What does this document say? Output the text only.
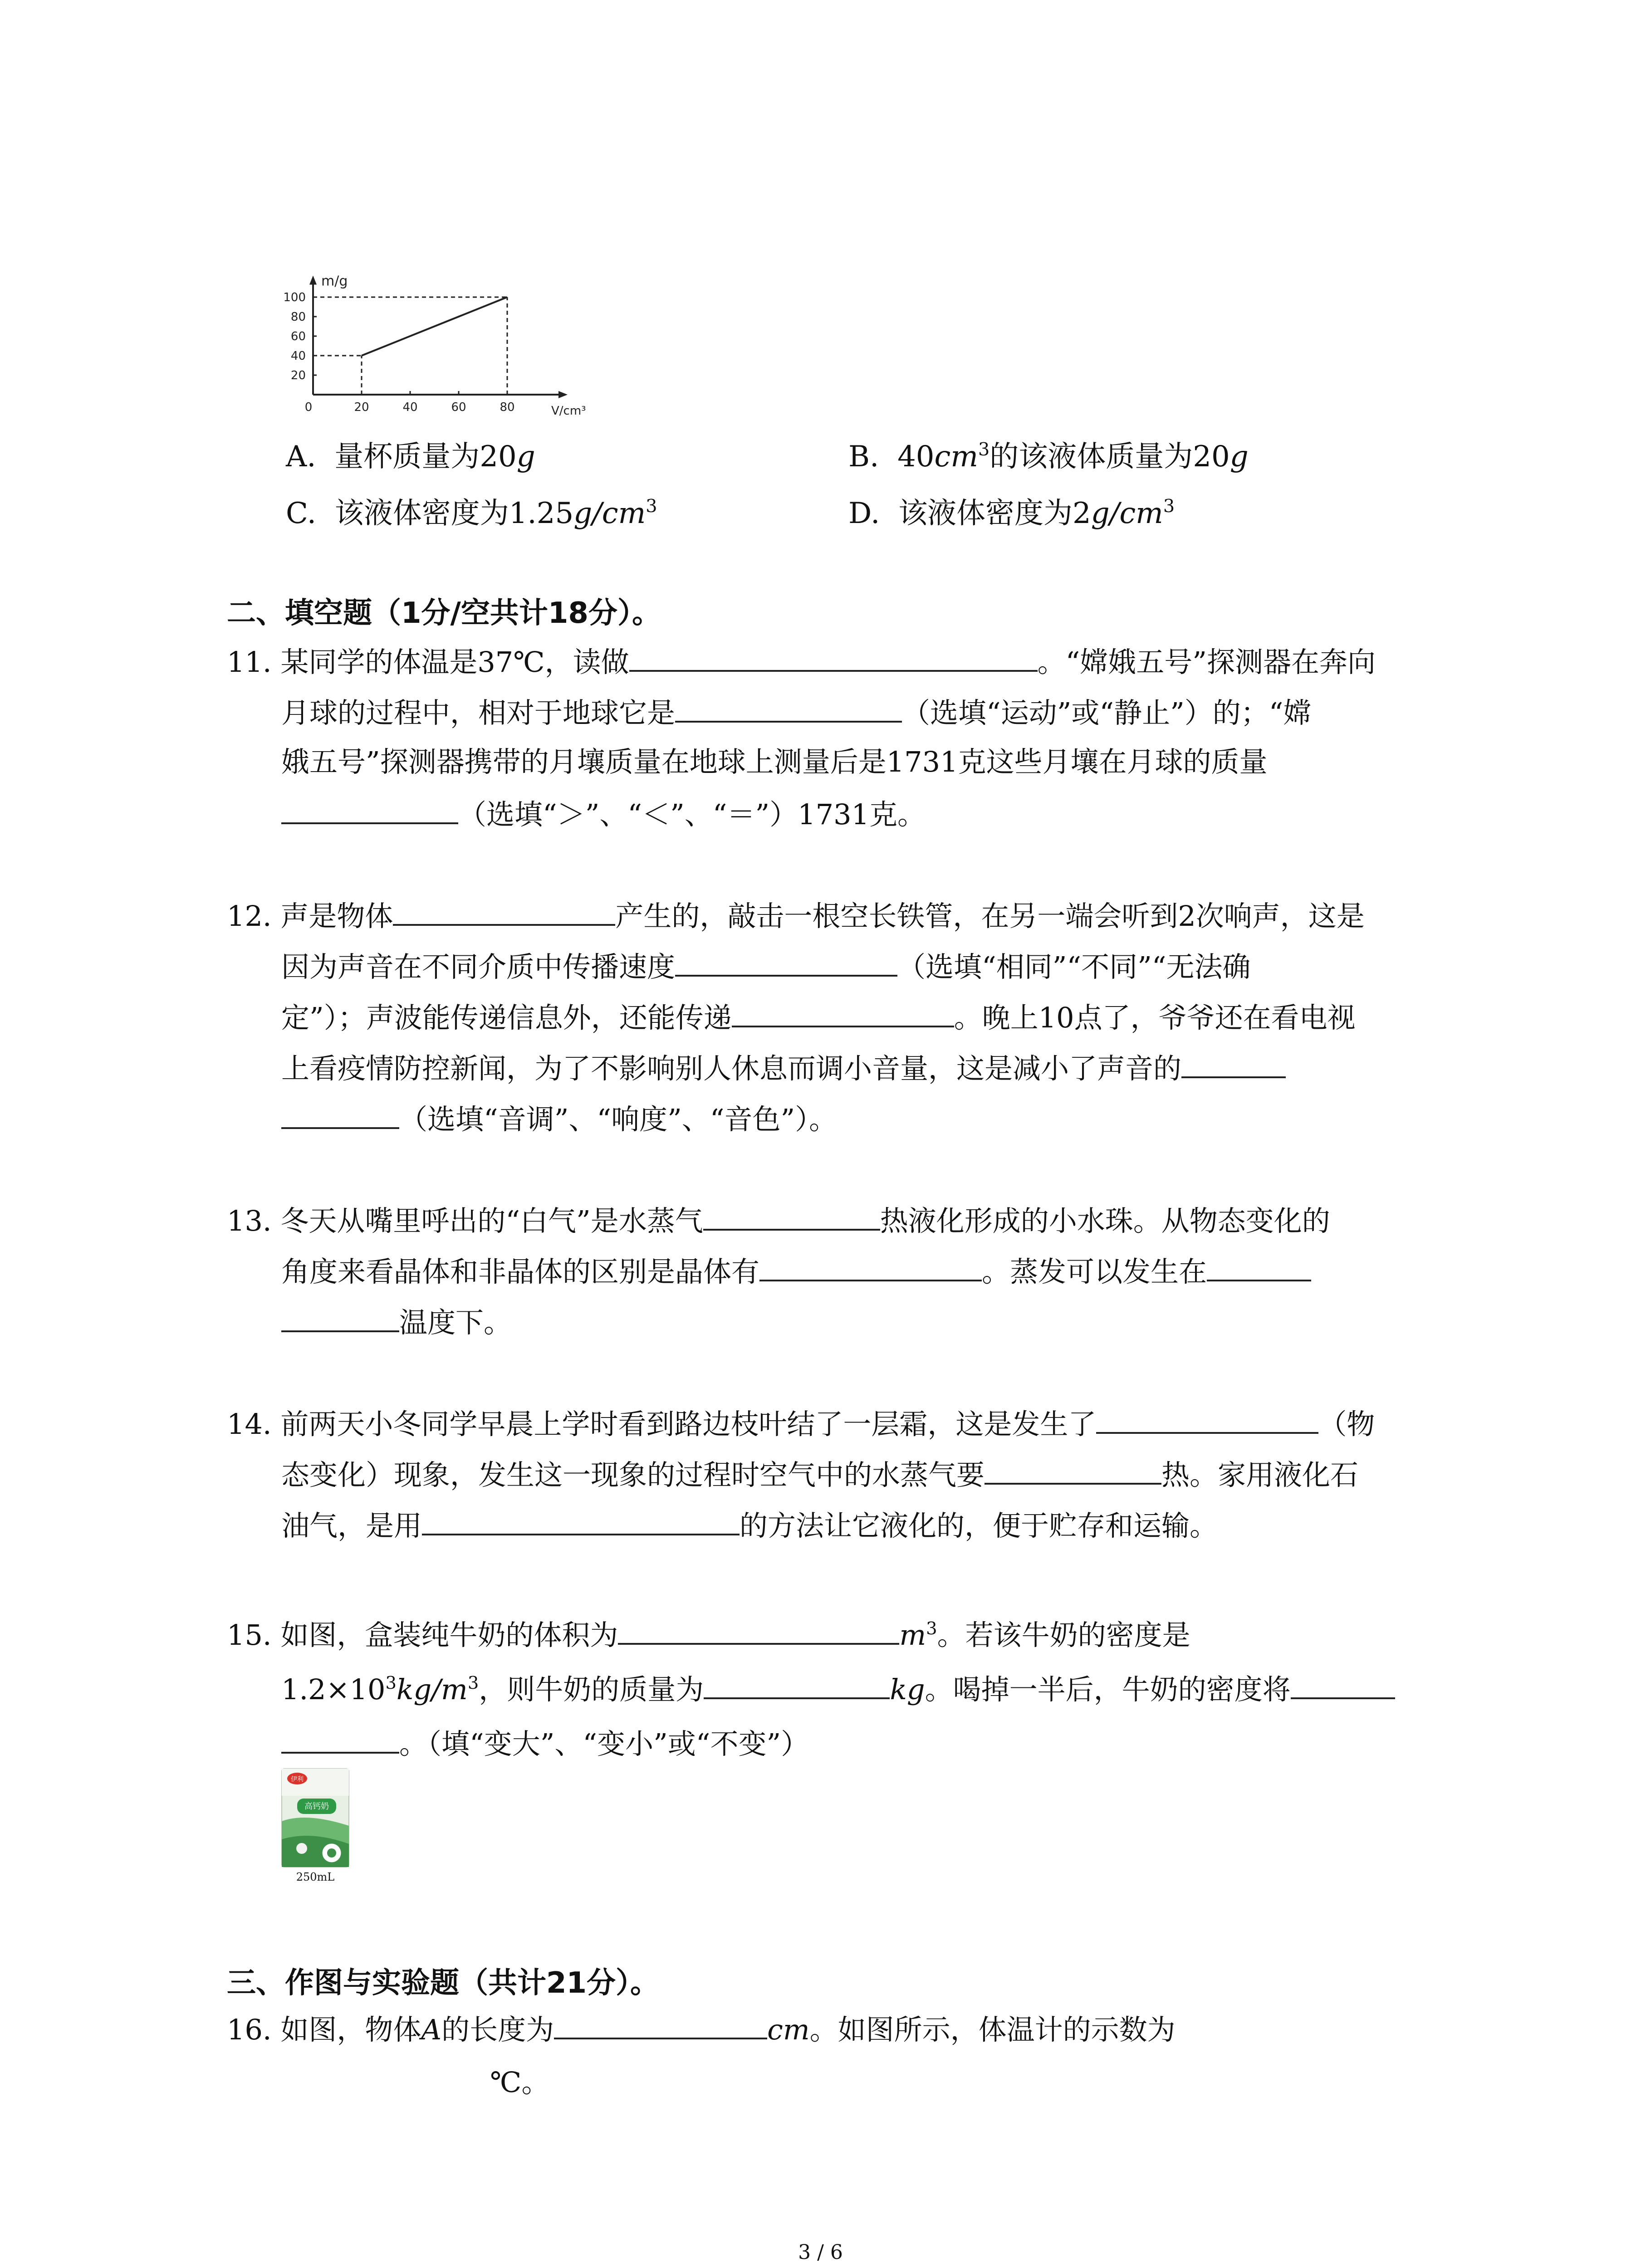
20	40	60	80
20
40
60
80
100
0
m/g
V/cm³
A. 量杯质量为20g	B. $40cm^3$的该液体质量为20g
C. 该液体密度为$1.25g/cm^3$	D. 该液体密度为$2g/cm^3$
二、填空题（1分/空共计18分）。
11. 某同学的体温是37℃，读做	。“嫦娥五号”探测器在奔向
月球的过程中，相对于地球它是	（选填“运动”或“静止”）的；“嫦
娥五号”探测器携带的月壤质量在地球上测量后是1731克这些月壤在月球的质量
（选填“＞”、“＜”、“＝”）1731克。
12. 声是物体	产生的，敲击一根空长铁管，在另一端会听到2次响声，这是
因为声音在不同介质中传播速度	（选填“相同”“不同”“无法确
定”）；声波能传递信息外，还能传递	。晚上10点了，爷爷还在看电视
上看疫情防控新闻，为了不影响别人休息而调小音量，这是减小了声音的
（选填“音调”、“响度”、“音色”）。
13. 冬天从嘴里呼出的“白气”是水蒸气	热液化形成的小水珠。从物态变化的
角度来看晶体和非晶体的区别是晶体有	。蒸发可以发生在
温度下。
14. 前两天小冬同学早晨上学时看到路边枝叶结了一层霜，这是发生了	（物
态变化）现象，发生这一现象的过程时空气中的水蒸气要	热。家用液化石
油气，是用	的方法让它液化的，便于贮存和运输。
15. 如图，盒装纯牛奶的体积为	$m^3$。若该牛奶的密度是
$1.2\times 10^3kg/m^3$，则牛奶的质量为	kg。喝掉一半后，牛奶的密度将
。（填“变大”、“变小”或“不变”）
伊利
高钙奶
250mL
三、作图与实验题（共计21分）。
16. 如图，物体A的长度为	cm。如图所示，体温计的示数为
℃。
3 / 6
